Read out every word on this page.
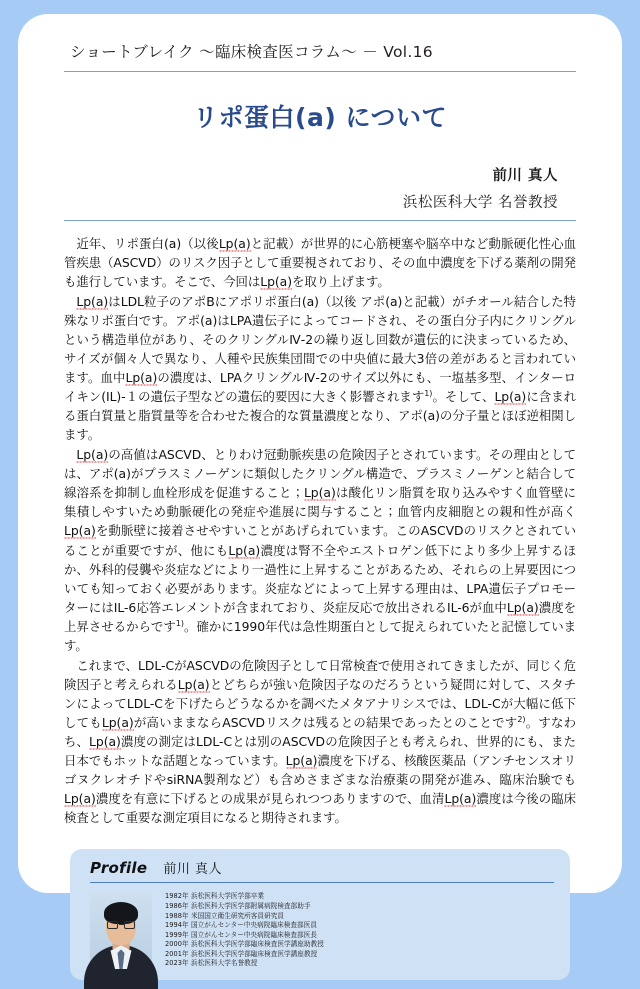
ショートブレイク ～臨床検査医コラム～ － Vol.16
リポ蛋白(a) について
前川 真人
浜松医科大学 名誉教授

近年、リポ蛋白(a)（以後Lp(a)と記載）が世界的に心筋梗塞や脳卒中など動脈硬化性心血管疾患（ASCVD）のリスク因子として重要視されており、その血中濃度を下げる薬剤の開発も進行しています。そこで、今回はLp(a)を取り上げます。

Lp(a)はLDL粒子のアポBにアポリポ蛋白(a)（以後 アポ(a)と記載）がチオール結合した特殊なリポ蛋白です。アポ(a)はLPA遺伝子によってコードされ、その蛋白分子内にクリングルという構造単位があり、そのクリングルⅣ-2の繰り返し回数が遺伝的に決まっているため、サイズが個々人で異なり、人種や民族集団間での中央値に最大3倍の差があると言われています。血中Lp(a)の濃度は、LPAクリングルⅣ-2のサイズ以外にも、一塩基多型、インターロイキン(IL)-１の遺伝子型などの遺伝的要因に大きく影響されます$^{1)}$。そして、Lp(a)に含まれる蛋白質量と脂質量等を合わせた複合的な質量濃度となり、アポ(a)の分子量とほぼ逆相関します。

Lp(a)の高値はASCVD、とりわけ冠動脈疾患の危険因子とされています。その理由としては、アポ(a)がプラスミノーゲンに類似したクリングル構造で、プラスミノーゲンと結合して線溶系を抑制し血栓形成を促進すること；Lp(a)は酸化リン脂質を取り込みやすく血管壁に集積しやすいため動脈硬化の発症や進展に関与すること；血管内皮細胞との親和性が高くLp(a)を動脈壁に接着させやすいことがあげられています。このASCVDのリスクとされていることが重要ですが、他にもLp(a)濃度は腎不全やエストロゲン低下により多少上昇するほか、外科的侵襲や炎症などにより一過性に上昇することがあるため、それらの上昇要因についても知っておく必要があります。炎症などによって上昇する理由は、LPA遺伝子プロモーターにはIL-6応答エレメントが含まれており、炎症反応で放出されるIL-6が血中Lp(a)濃度を上昇させるからです$^{1)}$。確かに1990年代は急性期蛋白として捉えられていたと記憶しています。

これまで、LDL-CがASCVDの危険因子として日常検査で使用されてきましたが、同じく危険因子と考えられるLp(a)とどちらが強い危険因子なのだろうという疑問に対して、スタチンによってLDL-Cを下げたらどうなるかを調べたメタアナリシスでは、LDL-Cが大幅に低下してもLp(a)が高いままならASCVDリスクは残るとの結果であったとのことです$^{2)}$。すなわち、Lp(a)濃度の測定はLDL-Cとは別のASCVDの危険因子とも考えられ、世界的にも、また日本でもホットな話題となっています。Lp(a)濃度を下げる、核酸医薬品（アンチセンスオリゴヌクレオチドやsiRNA製剤など）も含めさまざまな治療薬の開発が進み、臨床治験でもLp(a)濃度を有意に下げるとの成果が見られつつありますので、血清Lp(a)濃度は今後の臨床検査として重要な測定項目になると期待されます。

Profile 前川 真人
1982年 浜松医科大学医学部卒業
1986年 浜松医科大学医学部附属病院検査部助手
1988年 米国国立衛生研究所客員研究員
1994年 国立がんセンター中央病院臨床検査部医員
1999年 国立がんセンター中央病院臨床検査部医長
2000年 浜松医科大学医学部臨床検査医学講座助教授
2001年 浜松医科大学医学部臨床検査医学講座教授
2023年 浜松医科大学名誉教授
